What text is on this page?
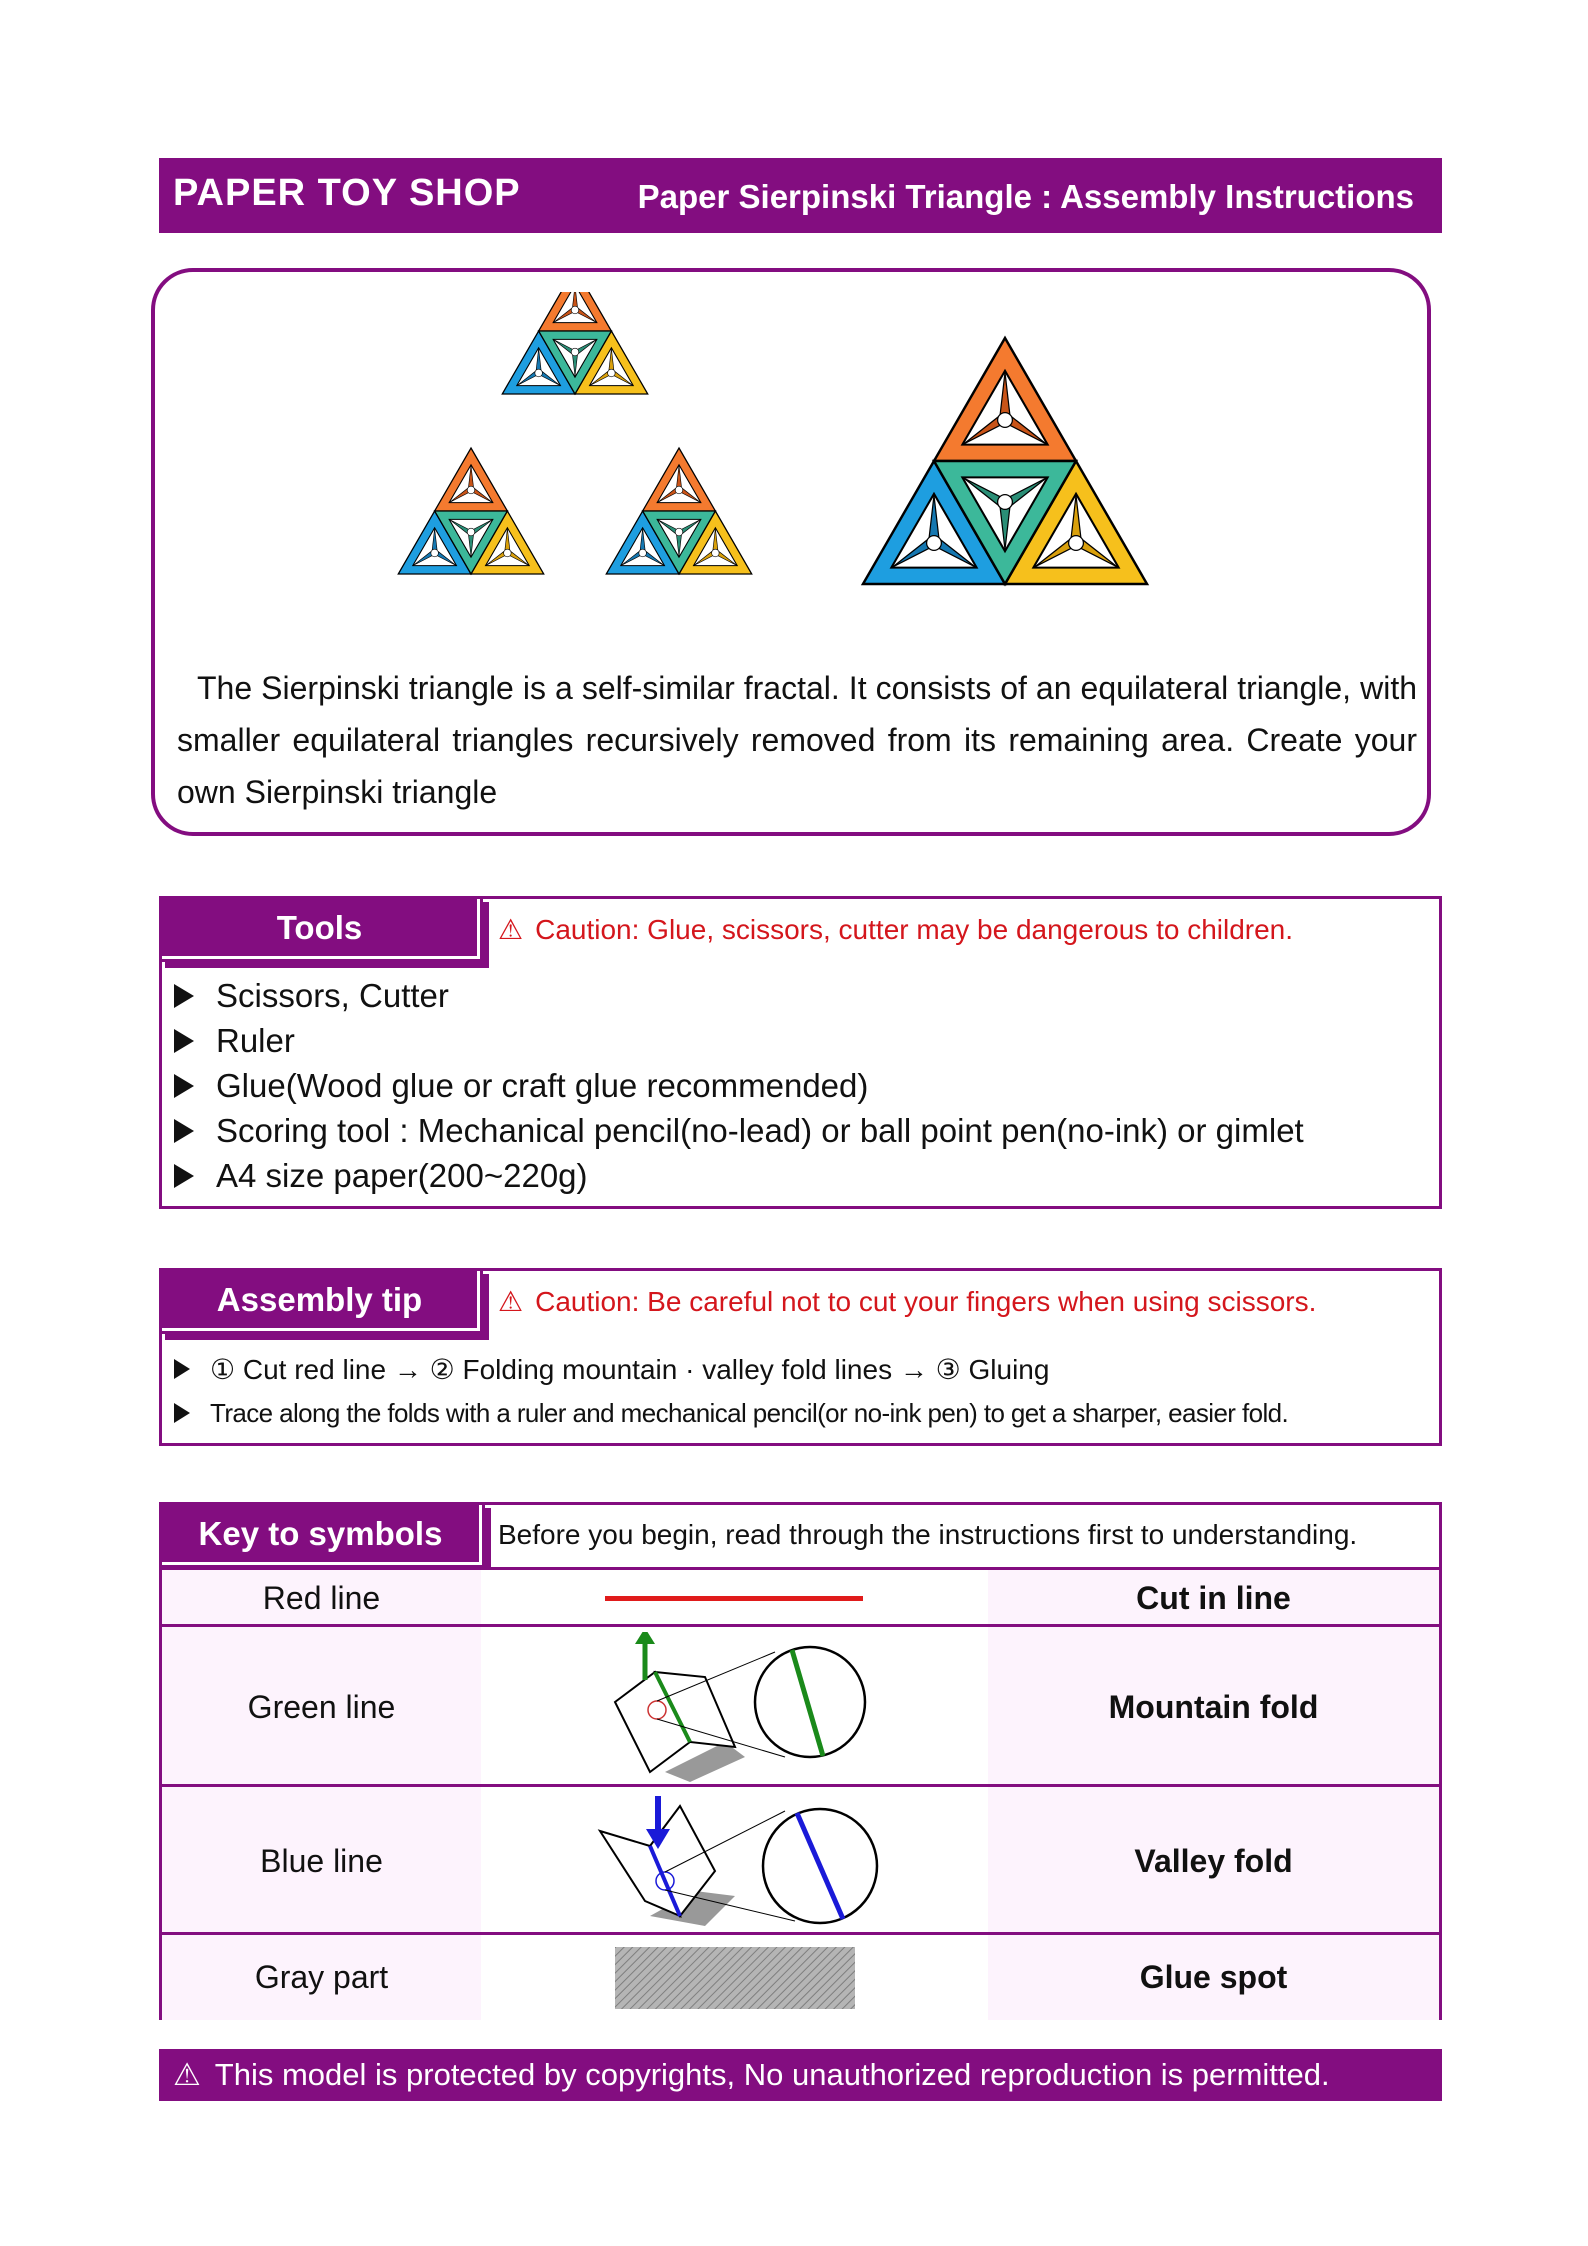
PAPER TOY SHOP	Paper Sierpinski Triangle : Assembly Instructions
The Sierpinski triangle is a self-similar fractal. It consists of an equilateral triangle, with smaller equilateral triangles recursively removed from its remaining area. Create your own Sierpinski triangle
Tools	⚠ Caution: Glue, scissors, cutter may be dangerous to children.
Scissors, Cutter
Ruler
Glue(Wood glue or craft glue recommended)
Scoring tool : Mechanical pencil(no-lead) or ball point pen(no-ink) or gimlet
A4 size paper(200~220g)
Assembly tip	⚠ Caution: Be careful not to cut your fingers when using scissors.
① Cut red line → ② Folding mountain · valley fold lines → ③ Gluing
Trace along the folds with a ruler and mechanical pencil(or no-ink pen) to get a sharper, easier fold.
Key to symbols Before you begin, read through the instructions first to understanding.
Red line	Cut in line
Green line	Mountain fold
Blue line	Valley fold
Gray part	Glue spot
⚠ This model is protected by copyrights, No unauthorized reproduction is permitted.
